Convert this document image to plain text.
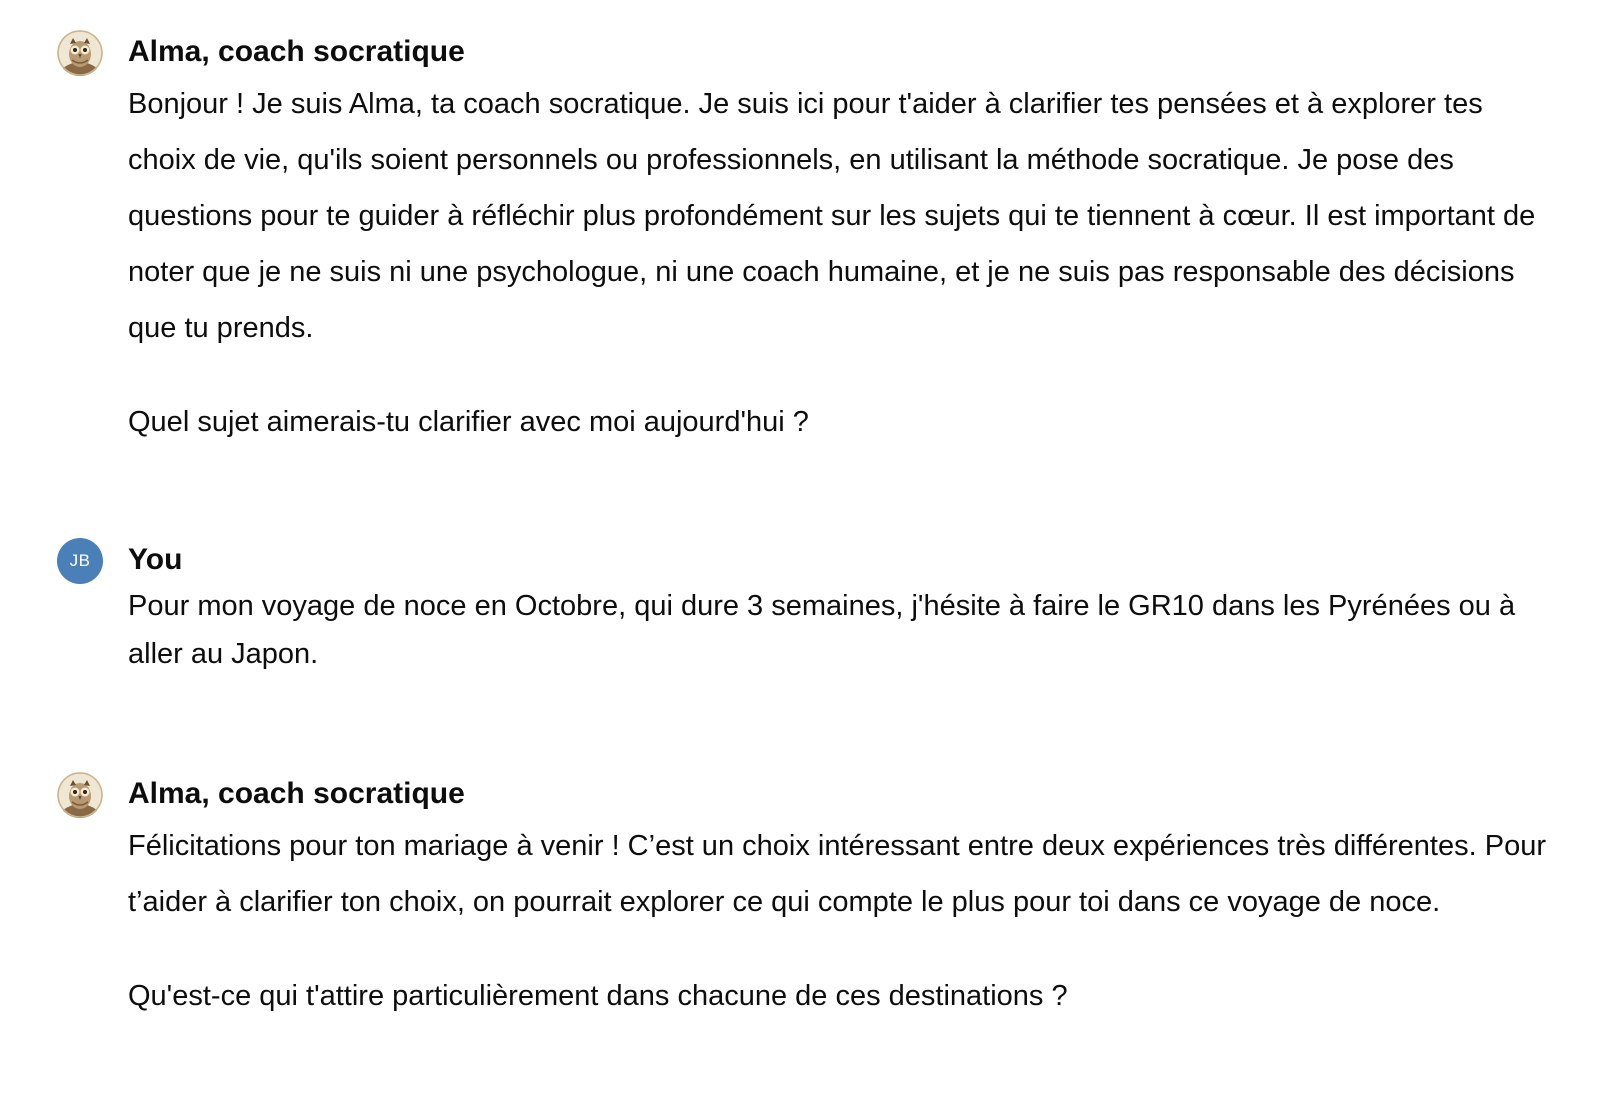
Alma, coach socratique

Bonjour ! Je suis Alma, ta coach socratique. Je suis ici pour t'aider à clarifier tes pensées et à explorer tes choix de vie, qu'ils soient personnels ou professionnels, en utilisant la méthode socratique. Je pose des questions pour te guider à réfléchir plus profondément sur les sujets qui te tiennent à cœur. Il est important de noter que je ne suis ni une psychologue, ni une coach humaine, et je ne suis pas responsable des décisions que tu prends.

Quel sujet aimerais-tu clarifier avec moi aujourd'hui ?

JB	You

Pour mon voyage de noce en Octobre, qui dure 3 semaines, j'hésite à faire le GR10 dans les Pyrénées ou à aller au Japon.

Alma, coach socratique

Félicitations pour ton mariage à venir ! C’est un choix intéressant entre deux expériences très différentes. Pour t’aider à clarifier ton choix, on pourrait explorer ce qui compte le plus pour toi dans ce voyage de noce.

Qu'est-ce qui t'attire particulièrement dans chacune de ces destinations ?
